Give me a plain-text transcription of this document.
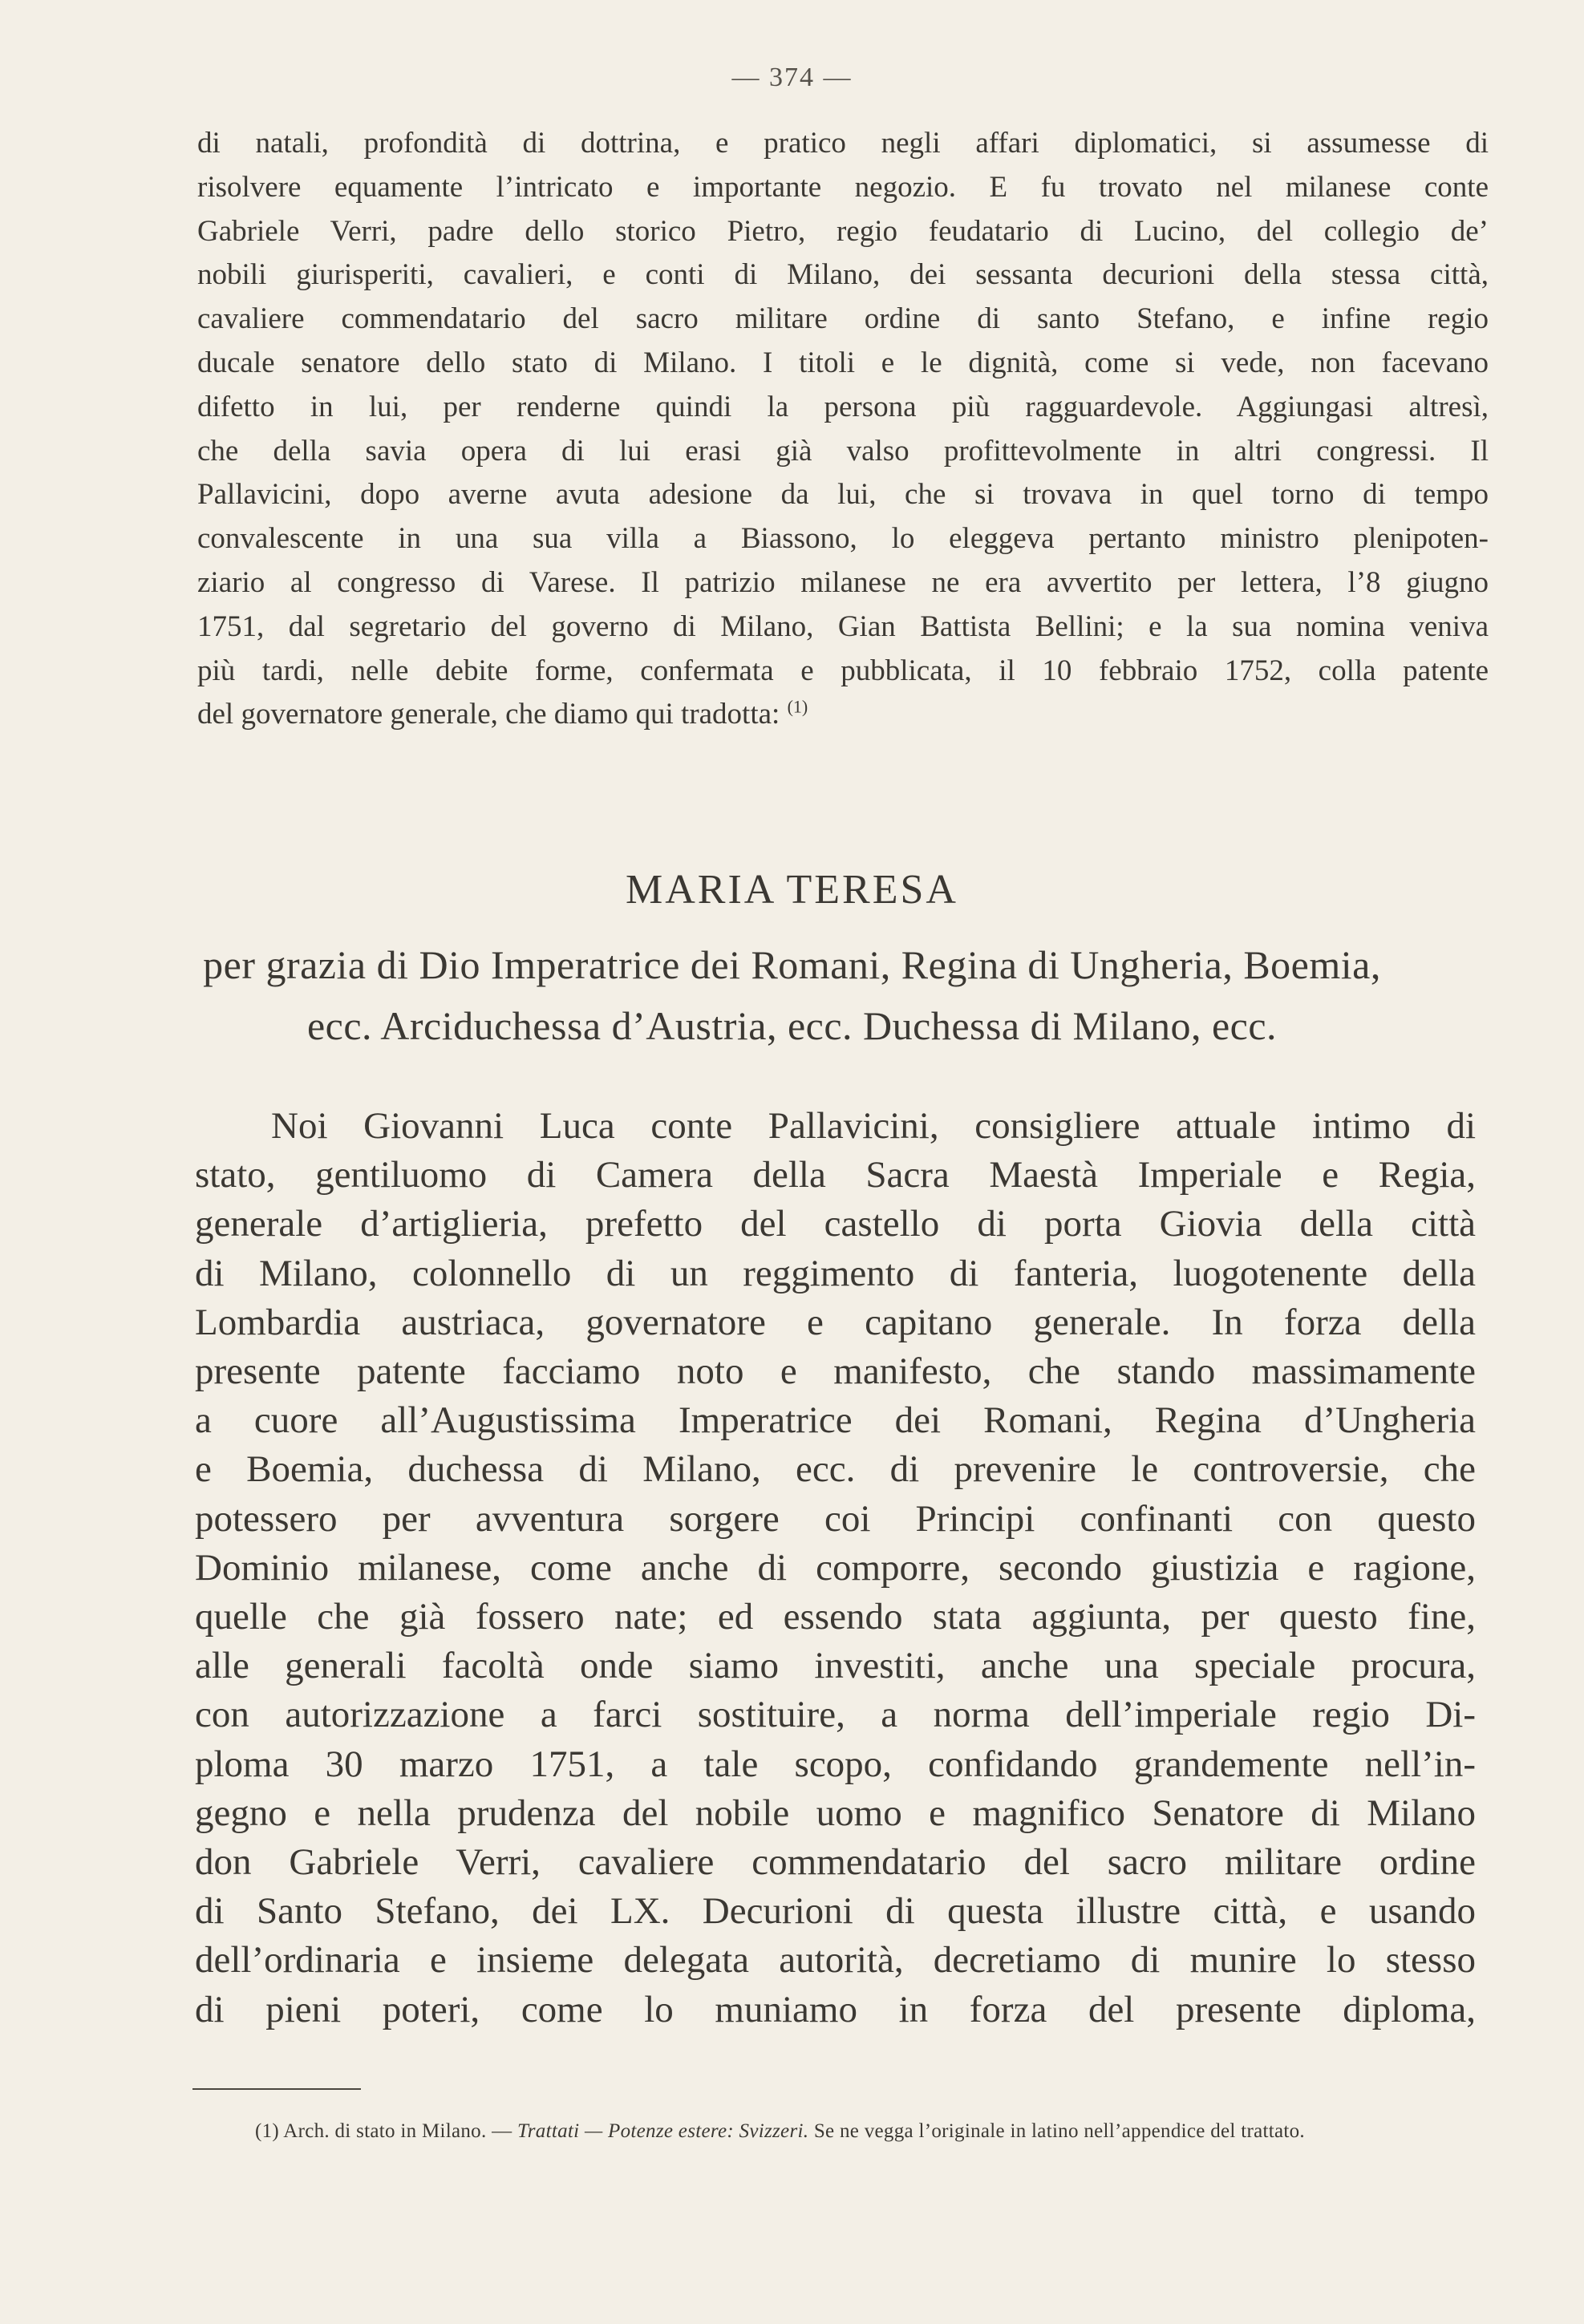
— 374 —
di natali, profondità di dottrina, e pratico negli affari diplomatici, si assumesse di
risolvere equamente l’intricato e importante negozio. E fu trovato nel milanese conte
Gabriele Verri, padre dello storico Pietro, regio feudatario di Lucino, del collegio de’
nobili giurisperiti, cavalieri, e conti di Milano, dei sessanta decurioni della stessa città,
cavaliere commendatario del sacro militare ordine di santo Stefano, e infine regio
ducale senatore dello stato di Milano. I titoli e le dignità, come si vede, non facevano
difetto in lui, per renderne quindi la persona più ragguardevole. Aggiungasi altresì,
che della savia opera di lui erasi già valso profittevolmente in altri congressi. Il
Pallavicini, dopo averne avuta adesione da lui, che si trovava in quel torno di tempo
convalescente in una sua villa a Biassono, lo eleggeva pertanto ministro plenipoten-
ziario al congresso di Varese. Il patrizio milanese ne era avvertito per lettera, l’8 giugno
1751, dal segretario del governo di Milano, Gian Battista Bellini; e la sua nomina veniva
più tardi, nelle debite forme, confermata e pubblicata, il 10 febbraio 1752, colla patente
del governatore generale, che diamo qui tradotta: $^{(1)}$
MARIA TERESA
per grazia di Dio Imperatrice dei Romani, Regina di Ungheria, Boemia,
ecc. Arciduchessa d’Austria, ecc. Duchessa di Milano, ecc.
Noi Giovanni Luca conte Pallavicini, consigliere attuale intimo di
stato, gentiluomo di Camera della Sacra Maestà Imperiale e Regia,
generale d’artiglieria, prefetto del castello di porta Giovia della città
di Milano, colonnello di un reggimento di fanteria, luogotenente della
Lombardia austriaca, governatore e capitano generale. In forza della
presente patente facciamo noto e manifesto, che stando massimamente
a cuore all’Augustissima Imperatrice dei Romani, Regina d’Ungheria
e Boemia, duchessa di Milano, ecc. di prevenire le controversie, che
potessero per avventura sorgere coi Principi confinanti con questo
Dominio milanese, come anche di comporre, secondo giustizia e ragione,
quelle che già fossero nate; ed essendo stata aggiunta, per questo fine,
alle generali facoltà onde siamo investiti, anche una speciale procura,
con autorizzazione a farci sostituire, a norma dell’imperiale regio Di-
ploma 30 marzo 1751, a tale scopo, confidando grandemente nell’in-
gegno e nella prudenza del nobile uomo e magnifico Senatore di Milano
don Gabriele Verri, cavaliere commendatario del sacro militare ordine
di Santo Stefano, dei LX. Decurioni di questa illustre città, e usando
dell’ordinaria e insieme delegata autorità, decretiamo di munire lo stesso
di pieni poteri, come lo muniamo in forza del presente diploma,
(1) Arch. di stato in Milano. — Trattati — Potenze estere: Svizzeri. Se ne vegga l’originale in latino nell’appendice del trattato.
